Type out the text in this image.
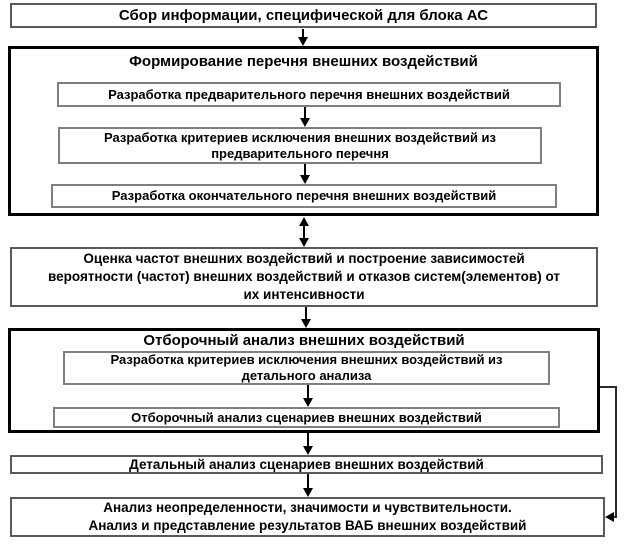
Сбор информации, специфической для блока АС
Формирование перечня внешних воздействий
Разработка предварительного перечня внешних воздействий
Разработка критериев исключения внешних воздействий из
предварительного перечня
Разработка окончательного перечня внешних воздействий
Оценка частот внешних воздействий и построение зависимостей
вероятности (частот) внешних воздействий и отказов систем(элементов) от
их интенсивности
Отборочный анализ внешних воздействий
Разработка критериев исключения внешних воздействий из
детального анализа
Отборочный анализ сценариев внешних воздействий
Детальный анализ сценариев внешних воздействий
Анализ неопределенности, значимости и чувствительности.
Анализ и представление результатов ВАБ внешних воздействий
